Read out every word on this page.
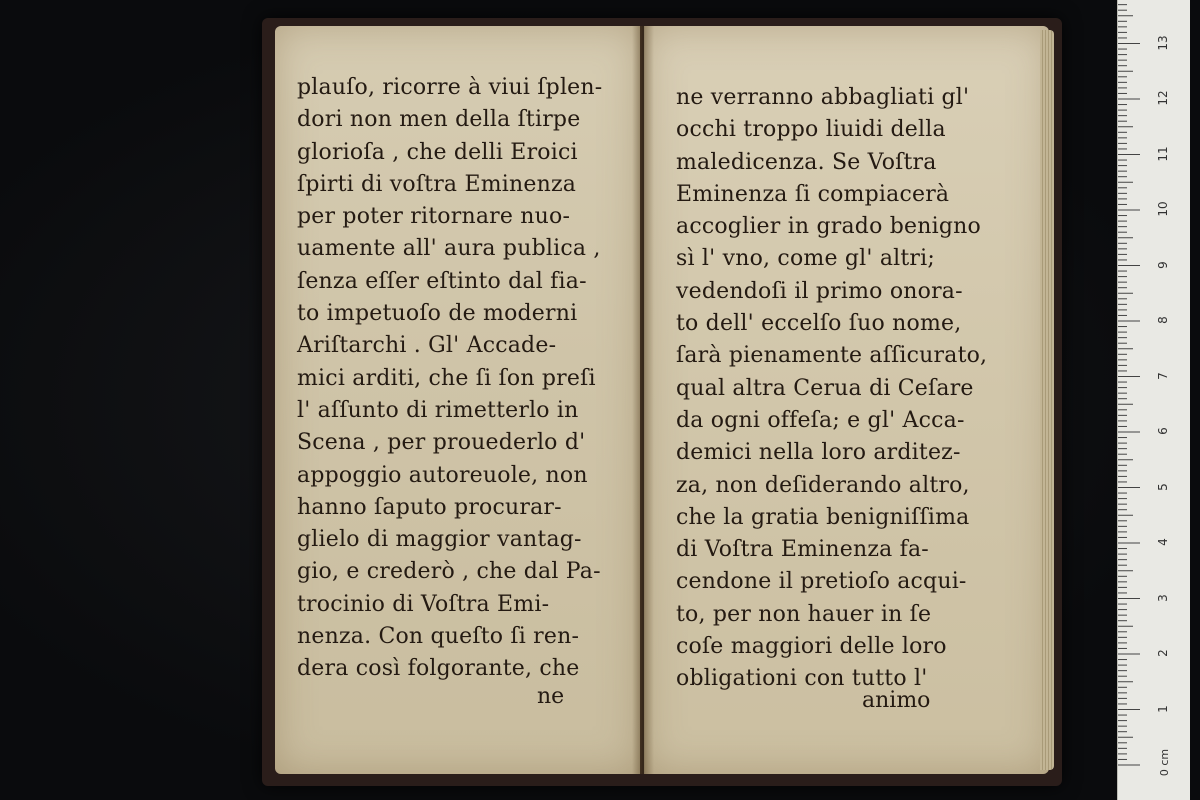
plauſo, ricorre à viui ſplen-
dori non men della ſtirpe
glorioſa , che delli Eroici
ſpirti di voſtra Eminenza
per poter ritornare nuo-
uamente all' aura publica ,
ſenza eſſer eſtinto dal fia-
to impetuoſo de moderni
Ariſtarchi . Gl' Accade-
mici arditi, che ſi ſon preſi
l' aſſunto di rimetterlo in
Scena , per prouederlo d'
appoggio autoreuole, non
hanno ſaputo procurar-
glielo di maggior vantag-
gio, e crederò , che dal Pa-
trocinio di Voſtra Emi-
nenza. Con queſto ſi ren-
dera così folgorante, che
ne
ne verranno abbagliati gl'
occhi troppo liuidi della
maledicenza. Se Voſtra
Eminenza ſi compiacerà
accoglier in grado benigno
sì l' vno, come gl' altri;
vedendoſi il primo onora-
to dell' eccelſo ſuo nome,
ſarà pienamente aſſicurato,
qual altra Ceruа di Ceſare
da ogni offeſa; e gl' Acca-
demici nella loro arditez-
za, non deſiderando altro,
che la gratia benigniſſima
di Voſtra Eminenza fa-
cendone il pretioſo acqui-
to, per non hauer in ſe
coſe maggiori delle loro
obligationi con tutto l'
animo	1
2
3
4
5
6
7
8
9
10
11
12
13
0 cm
